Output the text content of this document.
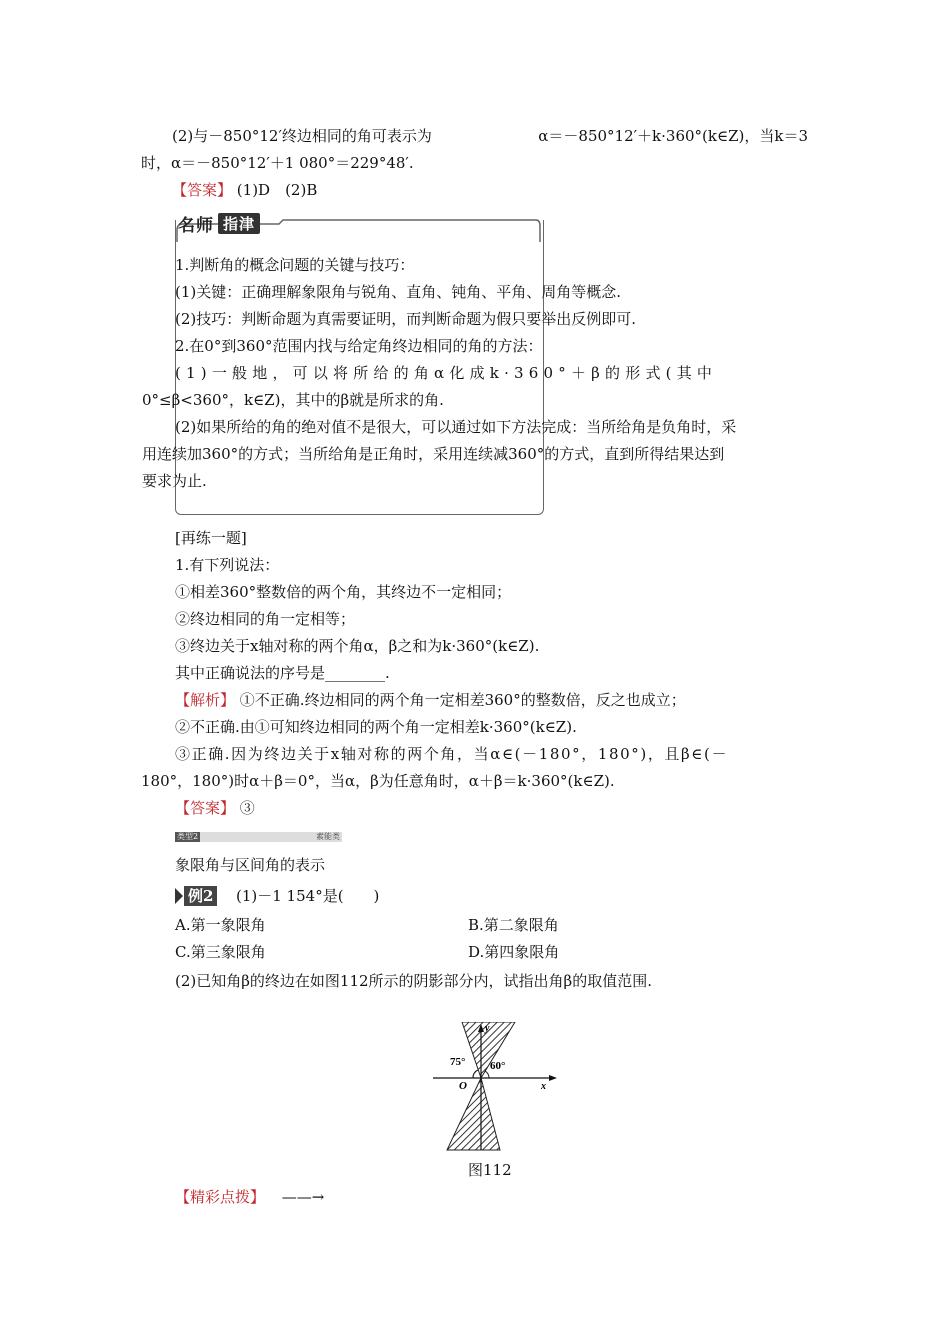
(2)与－850°12′终边相同的角可表示为	α＝－850°12′＋k·360°(k∈Z)，当k＝3
时，α＝－850°12′＋1 080°＝229°48′.
【答案】 (1)D　(2)B
名师 指津
1.判断角的概念问题的关键与技巧：
(1)关键：正确理解象限角与锐角、直角、钝角、平角、周角等概念.
(2)技巧：判断命题为真需要证明，而判断命题为假只要举出反例即可.
2.在0°到360°范围内找与给定角终边相同的角的方法：
(1)一般地，可以将所给的角α化成k·360°＋β的形式(其中
0°≤β<360°，k∈Z)，其中的β就是所求的角.
(2)如果所给的角的绝对值不是很大，可以通过如下方法完成：当所给角是负角时，采
用连续加360°的方式；当所给角是正角时，采用连续减360°的方式，直到所得结果达到
要求为止.
[再练一题]
1.有下列说法：
①相差360°整数倍的两个角，其终边不一定相同；
②终边相同的角一定相等；
③终边关于x轴对称的两个角α，β之和为k·360°(k∈Z).
其中正确说法的序号是________.
【解析】 ①不正确.终边相同的两个角一定相差360°的整数倍，反之也成立；
②不正确.由①可知终边相同的两个角一定相差k·360°(k∈Z).
③正确.因为终边关于x轴对称的两个角，当α∈(－180°，180°)，且β∈(－
180°，180°)时α＋β＝0°，当α，β为任意角时，α＋β＝k·360°(k∈Z).
【答案】 ③
类型2	素能类
象限角与区间角的表示
例2 (1)－1 154°是(　　)
A.第一象限角	B.第二象限角
C.第三象限角	D.第四象限角
(2)已知角β的终边在如图112所示的阴影部分内，试指出角β的取值范围.
y
x
O
75° 60°
图112
【精彩点拨】 ——→
